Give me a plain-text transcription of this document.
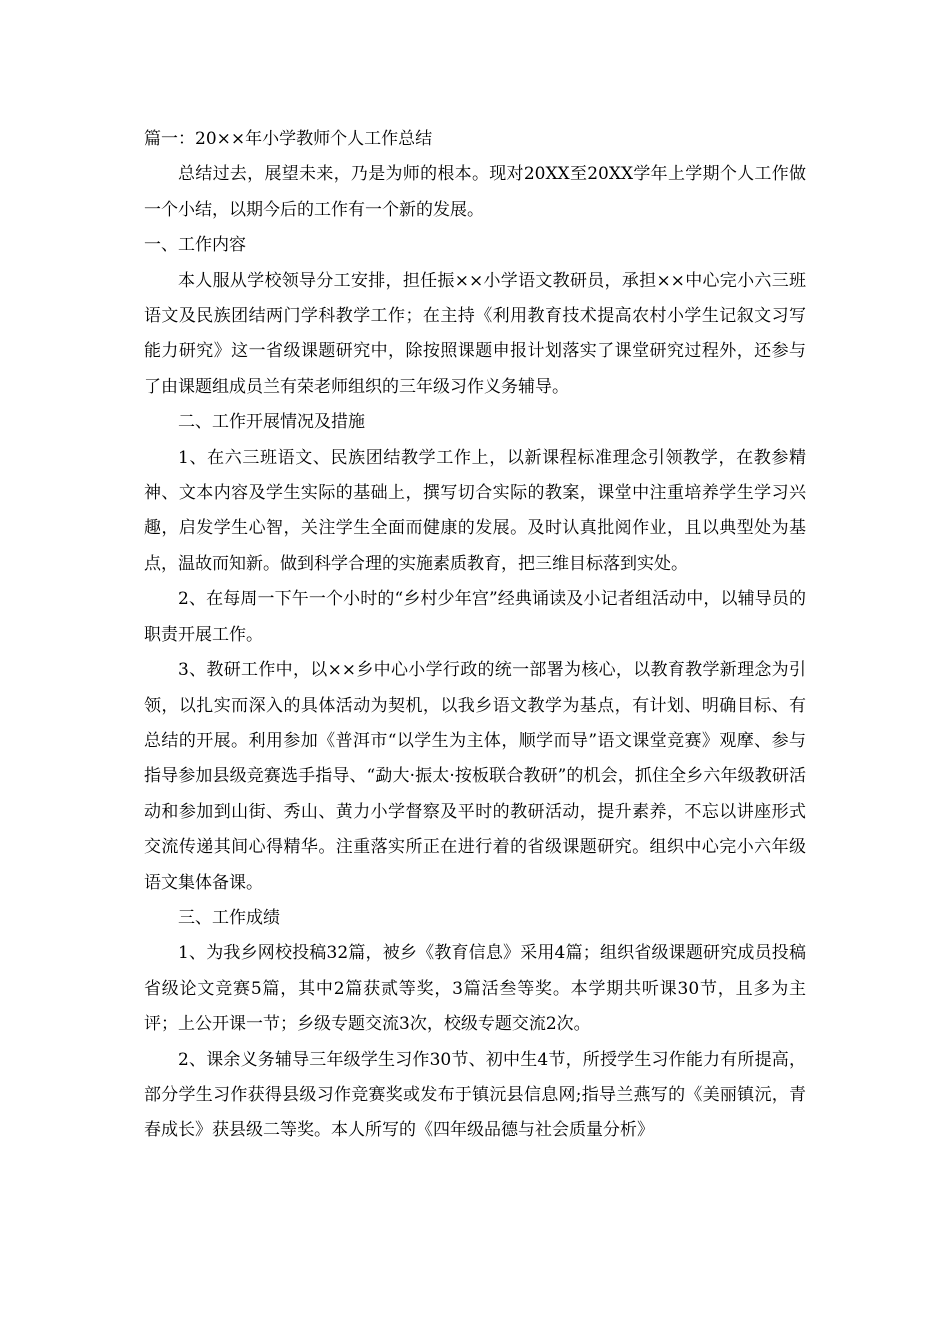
篇一：20××年小学教师个人工作总结

总结过去，展望未来，乃是为师的根本。现对20XX至20XX学年上学期个人工作做一个小结，以期今后的工作有一个新的发展。

一、工作内容

本人服从学校领导分工安排，担任振××小学语文教研员，承担××中心完小六三班语文及民族团结两门学科教学工作；在主持《利用教育技术提高农村小学生记叙文习写能力研究》这一省级课题研究中，除按照课题申报计划落实了课堂研究过程外，还参与了由课题组成员兰有荣老师组织的三年级习作义务辅导。

二、工作开展情况及措施

1、在六三班语文、民族团结教学工作上，以新课程标准理念引领教学，在教参精神、文本内容及学生实际的基础上，撰写切合实际的教案，课堂中注重培养学生学习兴趣，启发学生心智，关注学生全面而健康的发展。及时认真批阅作业，且以典型处为基点，温故而知新。做到科学合理的实施素质教育，把三维目标落到实处。

2、在每周一下午一个小时的“乡村少年宫”经典诵读及小记者组活动中，以辅导员的职责开展工作。

3、教研工作中，以××乡中心小学行政的统一部署为核心，以教育教学新理念为引领，以扎实而深入的具体活动为契机，以我乡语文教学为基点，有计划、明确目标、有总结的开展。利用参加《普洱市“以学生为主体，顺学而导”语文课堂竞赛》观摩、参与指导参加县级竞赛选手指导、“勐大·振太·按板联合教研”的机会，抓住全乡六年级教研活动和参加到山街、秀山、黄力小学督察及平时的教研活动，提升素养，不忘以讲座形式交流传递其间心得精华。注重落实所正在进行着的省级课题研究。组织中心完小六年级语文集体备课。

三、工作成绩

1、为我乡网校投稿32篇，被乡《教育信息》采用4篇；组织省级课题研究成员投稿省级论文竞赛5篇，其中2篇获贰等奖，3篇活叁等奖。本学期共听课30节，且多为主评；上公开课一节；乡级专题交流3次，校级专题交流2次。

2、课余义务辅导三年级学生习作30节、初中生4节，所授学生习作能力有所提高，部分学生习作获得县级习作竞赛奖或发布于镇沅县信息网;指导兰燕写的《美丽镇沅，青春成长》获县级二等奖。本人所写的《四年级品德与社会质量分析》
